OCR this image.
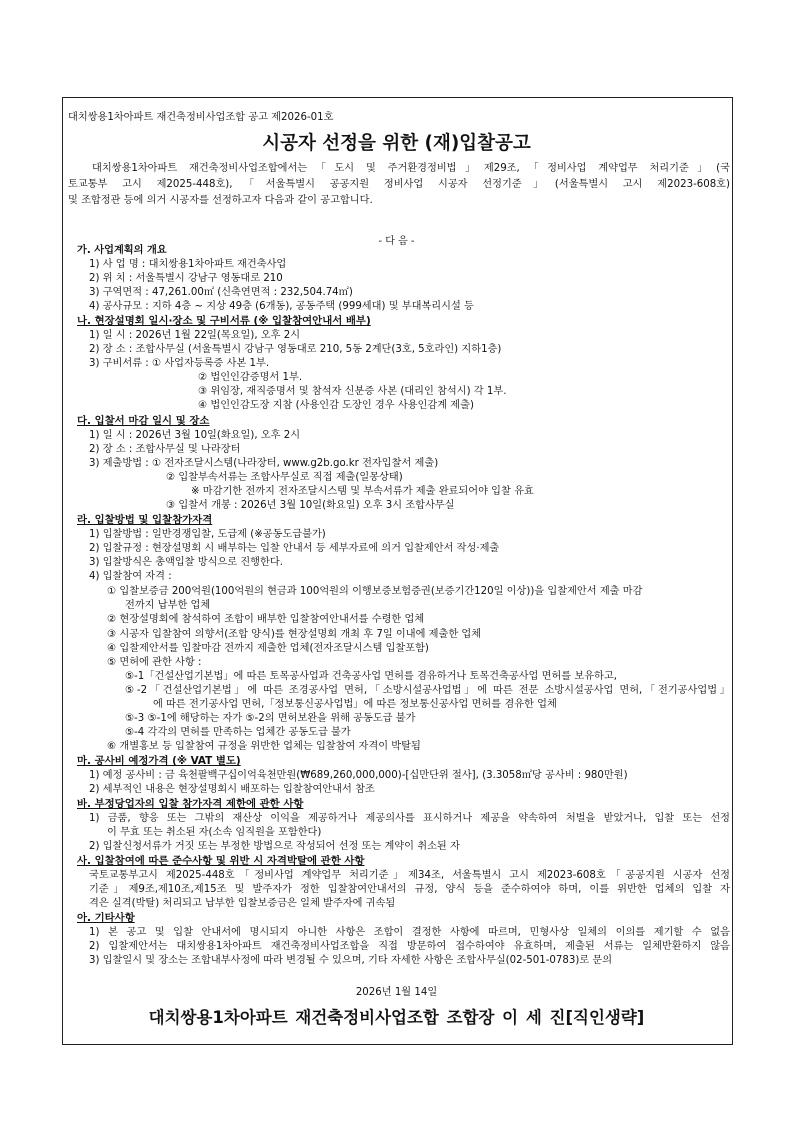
대치쌍용1차아파트 재건축정비사업조합 공고 제2026-01호
시공자 선정을 위한 (재)입찰공고
대치쌍용1차아파트 재건축정비사업조합에서는「도시 및 주거환경정비법」제29조,「정비사업 계약업무 처리기준」(국
토교통부 고시 제2025-448호),「서울특별시 공공지원 정비사업 시공자 선정기준」(서울특별시 고시 제2023-608호)
및 조합정관 등에 의거 시공자를 선정하고자 다음과 같이 공고합니다.
- 다 음 -
가. 사업계획의 개요
1) 사 업 명 : 대치쌍용1차아파트 재건축사업
2) 위 치 : 서울특별시 강남구 영동대로 210
3) 구역면적 : 47,261.00㎡ (신축연면적 : 232,504.74㎡)
4) 공사규모 : 지하 4층 ~ 지상 49층 (6개동), 공동주택 (999세대) 및 부대복리시설 등
나. 현장설명회 일시·장소 및 구비서류 (※ 입찰참여안내서 배부)
1) 일 시 : 2026년 1월 22일(목요일), 오후 2시
2) 장 소 : 조합사무실 (서울특별시 강남구 영동대로 210, 5동 2계단(3호, 5호라인) 지하1층)
3) 구비서류 : ① 사업자등록증 사본 1부.
② 법인인감증명서 1부.
③ 위임장, 재직증명서 및 참석자 신분증 사본 (대리인 참석시) 각 1부.
④ 법인인감도장 지참 (사용인감 도장인 경우 사용인감계 제출)
다. 입찰서 마감 일시 및 장소
1) 일 시 : 2026년 3월 10일(화요일), 오후 2시
2) 장 소 : 조합사무실 및 나라장터
3) 제출방법 : ① 전자조달시스템(나라장터, www.g2b.go.kr 전자입찰서 제출)
② 입찰부속서류는 조합사무실로 직접 제출(일몽상태)
※ 마감기한 전까지 전자조달시스템 및 부속서류가 제출 완료되어야 입찰 유효
③ 입찰서 개봉 : 2026년 3월 10일(화요일) 오후 3시 조합사무실
라. 입찰방법 및 입찰참가자격
1) 입찰방법 : 일반경쟁입찰, 도급제 (※공동도급불가)
2) 입찰규정 : 현장설명회 시 배부하는 입찰 안내서 등 세부자료에 의거 입찰제안서 작성·제출
3) 입찰방식은 총액입찰 방식으로 진행한다.
4) 입찰참여 자격 :
① 입찰보증금 200억원(100억원의 현금과 100억원의 이행보증보험증권(보증기간120일 이상))을 입찰제안서 제출 마감
전까지 납부한 업체
② 현장설명회에 참석하여 조합이 배부한 입찰참여안내서를 수령한 업체
③ 시공자 입찰참여 의향서(조합 양식)를 현장설명회 개최 후 7일 이내에 제출한 업체
④ 입찰제안서를 입찰마감 전까지 제출한 업체(전자조달시스템 입찰포함)
⑤ 면허에 관한 사항 :
⑤-1「건설산업기본법」에 따른 토목공사업과 건축공사업 면허를 겸유하거나 토목건축공사업 면허를 보유하고,
⑤-2「건설산업기본법」에 따른 조경공사업 면허,「소방시설공사업법」에 따른 전문 소방시설공사업 면허,「전기공사업법」
에 따른 전기공사업 면허,「정보통신공사업법」에 따른 정보통신공사업 면허를 겸유한 업체
⑤-3 ⑤-1에 해당하는 자가 ⑤-2의 면허보완을 위해 공동도급 불가
⑤-4 각각의 면허를 만족하는 업체간 공동도급 불가
⑥ 개별홍보 등 입찰참여 규정을 위반한 업체는 입찰참여 자격이 박탈됨
마. 공사비 예정가격 (※ VAT 별도)
1) 예정 공사비 : 금 육천팔백구십이억육천만원(₩689,260,000,000)-[십만단위 절사], (3.3058㎡당 공사비 : 980만원)
2) 세부적인 내용은 현장설명회시 배포하는 입찰참여안내서 참조
바. 부정당업자의 입찰 참가자격 제한에 관한 사항
1) 금품, 향응 또는 그밖의 재산상 이익을 제공하거나 제공의사를 표시하거나 제공을 약속하여 처벌을 받았거나, 입찰 또는 선정
이 무효 또는 취소된 자(소속 임직원을 포함한다)
2) 입찰신청서류가 거짓 또는 부정한 방법으로 작성되어 선정 또는 계약이 취소된 자
사. 입찰참여에 따른 준수사항 및 위반 시 자격박탈에 관한 사항
국토교통부고시 제2025-448호「정비사업 계약업무 처리기준」제34조, 서울특별시 고시 제2023-608호「공공지원 시공자 선정
기준」제9조,제10조,제15조 및 발주자가 정한 입찰참여안내서의 규정, 양식 등을 준수하여야 하며, 이를 위반한 업체의 입찰 자
격은 실격(박탈) 처리되고 납부한 입찰보증금은 일체 발주자에 귀속됨
아. 기타사항
1) 본 공고 및 입찰 안내서에 명시되지 아니한 사항은 조합이 결정한 사항에 따르며, 민형사상 일체의 이의를 제기할 수 없음
2) 입찰제안서는 대치쌍용1차아파트 재건축정비사업조합을 직접 방문하여 접수하여야 유효하며, 제출된 서류는 일체반환하지 않음
3) 입찰일시 및 장소는 조합내부사정에 따라 변경될 수 있으며, 기타 자세한 사항은 조합사무실(02-501-0783)로 문의
2026년 1월 14일
대치쌍용1차아파트 재건축정비사업조합 조합장 이 세 진[직인생략]
